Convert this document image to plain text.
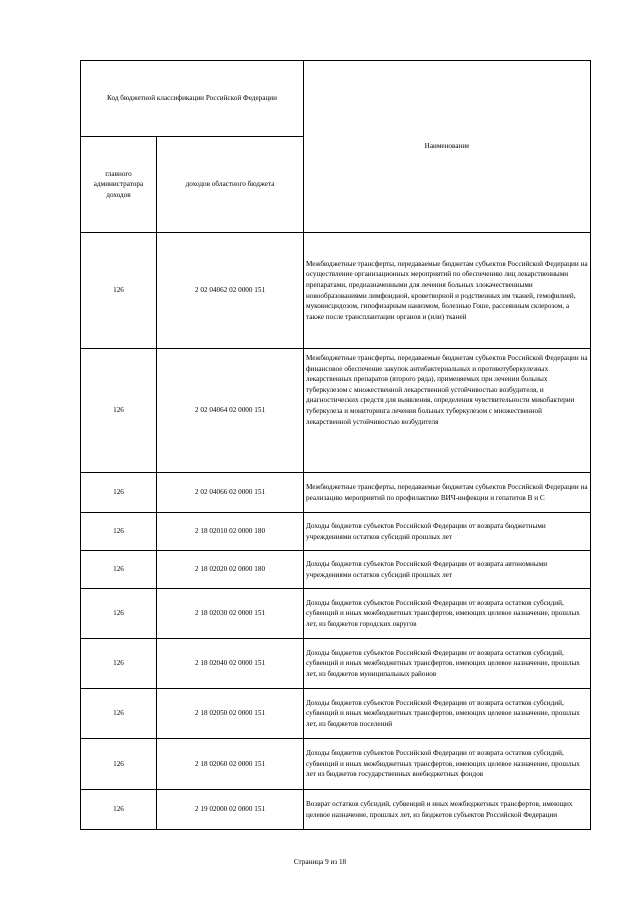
Код бюджетной классификации Российской Федерации		Наименование
главного администратора доходов	доходов областного бюджета	
126	2 02 04062 02 0000 151	Межбюджетные трансферты, передаваемые бюджетам субъектов Российской Федерации на осуществление организационных мероприятий по обеспечению лиц лекарственными препаратами, предназначенными для лечения больных злокачественными новообразованиями лимфоидной, кроветворной и родственных им тканей, гемофилией, муковисцидозом, гипофизарным нанизмом, болезнью Гоше, рассеянным склерозом, а также после трансплантации органов и (или) тканей
126	2 02 04064 02 0000 151	Межбюджетные трансферты, передаваемые бюджетам субъектов Российской Федерации на финансовое обеспечение закупок антибактериальных и противотуберкулезных лекарственных препаратов (второго ряда), применяемых при лечении больных туберкулезом с множественной лекарственной устойчивостью возбудителя, и диагностических средств для выявления, определения чувствительности микобактерии туберкулеза и мониторинга лечения больных туберкулезом с множественной лекарственной устойчивостью возбудителя
126	2 02 04066 02 0000 151	Межбюджетные трансферты, передаваемые бюджетам субъектов Российской Федерации на реализацию мероприятий по профилактике ВИЧ-инфекции и гепатитов В и С
126	2 18 02010 02 0000 180	Доходы бюджетов субъектов Российской Федерации от возврата бюджетными учреждениями остатков субсидий прошлых лет
126	2 18 02020 02 0000 180	Доходы бюджетов субъектов Российской Федерации от возврата автономными учреждениями остатков субсидий прошлых лет
126	2 18 02030 02 0000 151	Доходы бюджетов субъектов Российской Федерации от возврата остатков субсидий, субвенций и иных межбюджетных трансфертов, имеющих целевое назначение, прошлых лет, из бюджетов городских округов
126	2 18 02040 02 0000 151	Доходы бюджетов субъектов Российской Федерации от возврата остатков субсидий, субвенций и иных межбюджетных трансфертов, имеющих целевое назначение, прошлых лет, из бюджетов муниципальных районов
126	2 18 02050 02 0000 151	Доходы бюджетов субъектов Российской Федерации от возврата остатков субсидий, субвенций и иных межбюджетных трансфертов, имеющих целевое назначение, прошлых лет, из бюджетов поселений
126	2 18 02060 02 0000 151	Доходы бюджетов субъектов Российской Федерации от возврата остатков субсидий, субвенций и иных межбюджетных трансфертов, имеющих целевое назначение, прошлых лет из бюджетов государственных внебюджетных фондов
126	2 19 02000 02 0000 151	Возврат остатков субсидий, субвенций и иных межбюджетных трансфертов, имеющих целевое назначение, прошлых лет, из бюджетов субъектов Российской Федерации
Страница 9 из 18
